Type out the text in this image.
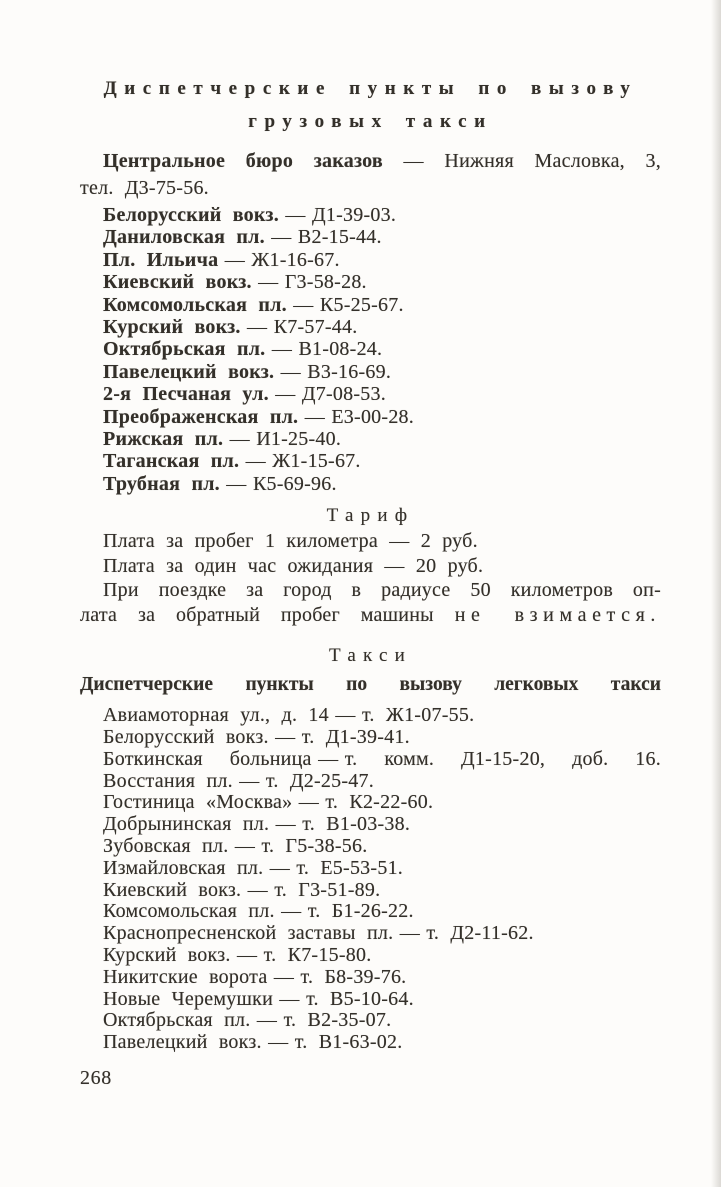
Диспетчерские пункты по вызову
грузовых такси

Центральное бюро заказов — Нижняя Масловка, 3,

тел. Д3-75-56.

Белорусский вокз. — Д1-39-03.
Даниловская пл. — В2-15-44.
Пл. Ильича — Ж1-16-67.
Киевский вокз. — Г3-58-28.
Комсомольская пл. — К5-25-67.
Курский вокз. — К7-57-44.
Октябрьская пл. — В1-08-24.
Павелецкий вокз. — В3-16-69.
2-я Песчаная ул. — Д7-08-53.
Преображенская пл. — Е3-00-28.
Рижская пл. — И1-25-40.
Таганская пл. — Ж1-15-67.
Трубная пл. — К5-69-96.
Тариф

Плата за пробег 1 километра — 2 руб.

Плата за один час ожидания — 20 руб.

При поездке за город в радиусе 50 километров оп-

лата за обратный пробег машины не взимается.

Такси

Диспетчерские пункты по вызову легковых такси

Авиамоторная ул., д. 14 — т. Ж1-07-55.
Белорусский вокз. — т. Д1-39-41.
Боткинская больница — т. комм. Д1-15-20, доб. 16.
Восстания пл. — т. Д2-25-47.
Гостиница «Москва» — т. К2-22-60.
Добрынинская пл. — т. В1-03-38.
Зубовская пл. — т. Г5-38-56.
Измайловская пл. — т. Е5-53-51.
Киевский вокз. — т. Г3-51-89.
Комсомольская пл. — т. Б1-26-22.
Краснопресненской заставы пл. — т. Д2-11-62.
Курский вокз. — т. К7-15-80.
Никитские ворота — т. Б8-39-76.
Новые Черемушки — т. В5-10-64.
Октябрьская пл. — т. В2-35-07.
Павелецкий вокз. — т. В1-63-02.
268
